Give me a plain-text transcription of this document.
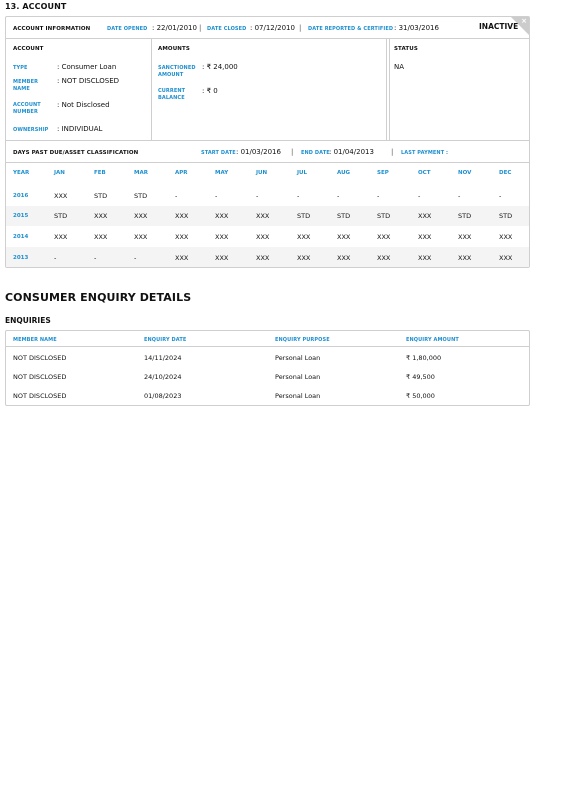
13. ACCOUNT
×
ACCOUNT INFORMATION	DATE OPENED : 22/01/2010 | DATE CLOSED : 07/12/2010 | DATE REPORTED & CERTIFIED : 31/03/2016	INACTIVE
ACCOUNT
TYPE	: Consumer Loan
MEMBER NAME
: NOT DISCLOSED
ACCOUNT NUMBER
: Not Disclosed
OWNERSHIP : INDIVIDUAL
AMOUNTS
SANCTIONED AMOUNT
: ₹ 24,000
CURRENT BALANCE
: ₹ 0
STATUS
NA
DAYS PAST DUE/ASSET CLASSIFICATION	START DATE : 01/03/2016 | END DATE : 01/04/2013 | LAST PAYMENT :
YEAR	JAN	FEB	MAR	APR	MAY	JUN	JUL	AUG	SEP	OCT	NOV	DEC
2016	XXX	STD	STD	-	-	-	-	-	-	-	-	-
2015	STD	XXX	XXX	XXX	XXX	XXX	STD	STD	STD	XXX	STD	STD
2014	XXX	XXX	XXX	XXX	XXX	XXX	XXX	XXX	XXX	XXX	XXX	XXX
2013	-	-	-	XXX	XXX	XXX	XXX	XXX	XXX	XXX	XXX	XXX
CONSUMER ENQUIRY DETAILS
ENQUIRIES
MEMBER NAME	ENQUIRY DATE	ENQUIRY PURPOSE	ENQUIRY AMOUNT
NOT DISCLOSED	14/11/2024	Personal Loan	₹ 1,80,000
NOT DISCLOSED	24/10/2024	Personal Loan	₹ 49,500
NOT DISCLOSED	01/08/2023	Personal Loan	₹ 50,000
